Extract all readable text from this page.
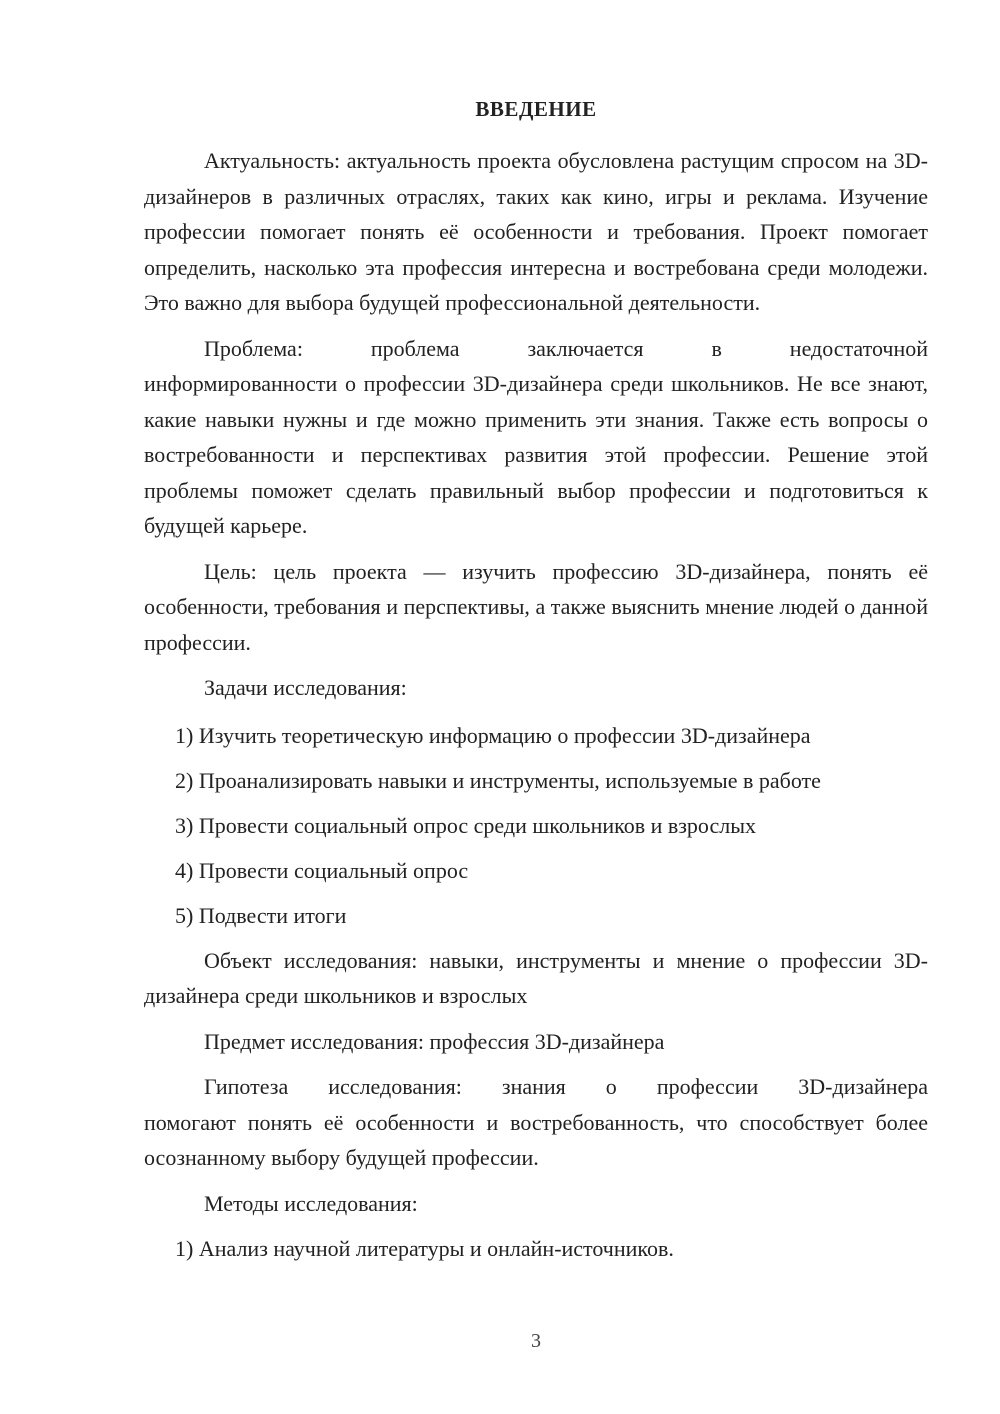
ВВЕДЕНИЕ

Актуальность: актуальность проекта обусловлена растущим спросом на 3D-дизайнеров в различных отраслях, таких как кино, игры и реклама. Изучение профессии помогает понять её особенности и требования. Проект помогает определить, насколько эта профессия интересна и востребована среди молодежи. Это важно для выбора будущей профессиональной деятельности.

Проблема: проблема заключается в недостаточной

информированности о профессии 3D-дизайнера среди школьников. Не все знают, какие навыки нужны и где можно применить эти знания. Также есть вопросы о востребованности и перспективах развития этой профессии. Решение этой проблемы поможет сделать правильный выбор профессии и подготовиться к будущей карьере.

Цель: цель проекта — изучить профессию 3D-дизайнера, понять её особенности, требования и перспективы, а также выяснить мнение людей о данной профессии.

Задачи исследования:

1) Изучить теоретическую информацию о профессии 3D-дизайнера

2) Проанализировать навыки и инструменты, используемые в работе

3) Провести социальный опрос среди школьников и взрослых

4) Провести социальный опрос

5) Подвести итоги

Объект исследования: навыки, инструменты и мнение о профессии 3D-дизайнера среди школьников и взрослых

Предмет исследования: профессия 3D-дизайнера

Гипотеза исследования: знания о профессии 3D-дизайнера

помогают понять её особенности и востребованность, что способствует более осознанному выбору будущей профессии.

Методы исследования:

1) Анализ научной литературы и онлайн-источников.

3
